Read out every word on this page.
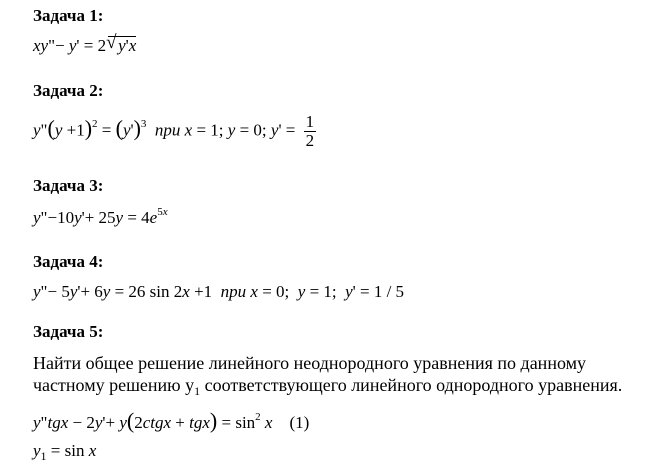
Задача 1:
xy"− y' = 2√ y'x
Задача 2:
y"(y $+1)^2 = (y')^3$ при x = 1; y = 0; $y' = \frac{1}{2}$
Задача 3:
y"−10y'+ $25y = 4e^{5x}$
Задача 4:
y"− 5y'+ 6y = 26 sin 2x +1  при x = 0;  y = 1;  y' = 1 / 5
Задача 5:
Найти общее решение линейного неоднородного уравнения по данному
частному решению $y_1$ соответствующего линейного однородного уравнения.
y"tgx − 2y'+ y(2ctgx + $tgx) = \sin^2 x$ (1)
$y_1 = \sin x$
